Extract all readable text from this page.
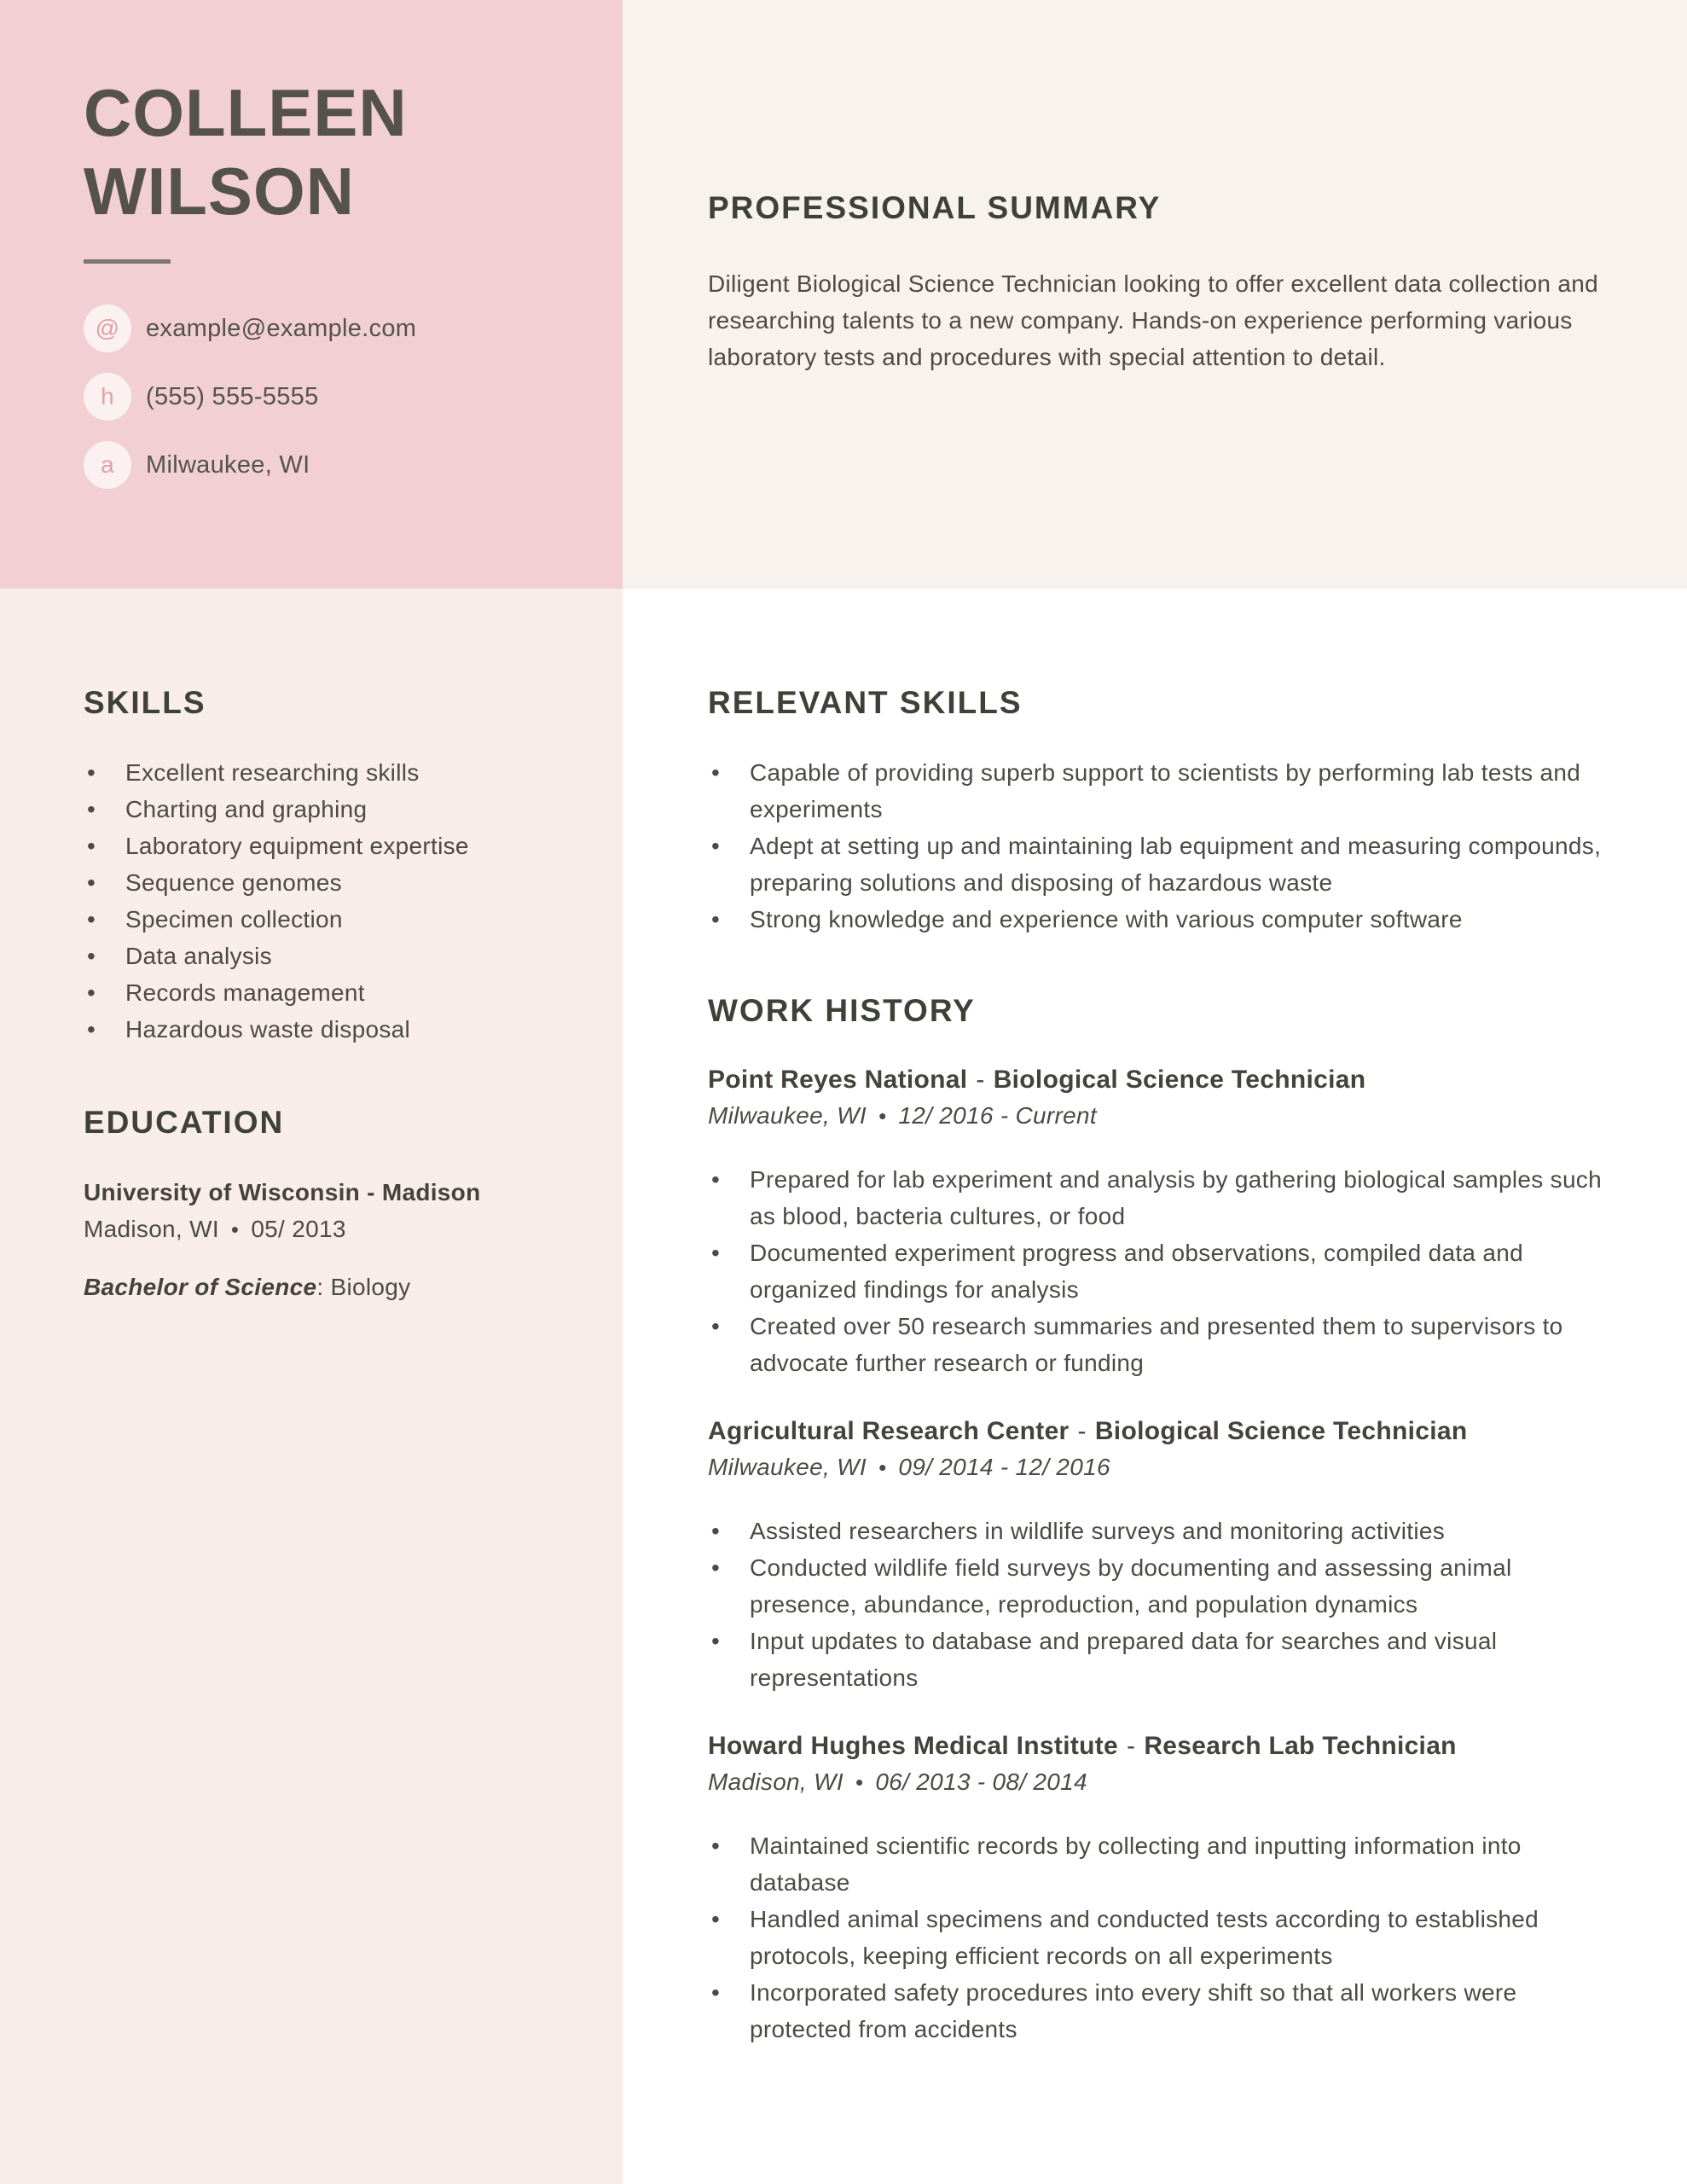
COLLEEN
WILSON
@	example@example.com
h	(555) 555-5555
a	Milwaukee, WI
PROFESSIONAL SUMMARY

Diligent Biological Science Technician looking to offer excellent data collection and researching talents to a new company. Hands-on experience performing various laboratory tests and procedures with special attention to detail.

SKILLS
• Excellent researching skills
• Charting and graphing
• Laboratory equipment expertise
• Sequence genomes
• Specimen collection
• Data analysis
• Records management
• Hazardous waste disposal
EDUCATION
University of Wisconsin - Madison
Madison, WI • 05/ 2013
Bachelor of Science: Biology
RELEVANT SKILLS
• Capable of providing superb support to scientists by performing lab tests and experiments
• Adept at setting up and maintaining lab equipment and measuring compounds, preparing solutions and disposing of hazardous waste
• Strong knowledge and experience with various computer software
WORK HISTORY
Point Reyes National - Biological Science Technician
Milwaukee, WI • 12/ 2016 - Current
• Prepared for lab experiment and analysis by gathering biological samples such as blood, bacteria cultures, or food
• Documented experiment progress and observations, compiled data and organized findings for analysis
• Created over 50 research summaries and presented them to supervisors to advocate further research or funding
Agricultural Research Center - Biological Science Technician
Milwaukee, WI • 09/ 2014 - 12/ 2016
• Assisted researchers in wildlife surveys and monitoring activities
• Conducted wildlife field surveys by documenting and assessing animal presence, abundance, reproduction, and population dynamics
• Input updates to database and prepared data for searches and visual representations
Howard Hughes Medical Institute - Research Lab Technician
Madison, WI • 06/ 2013 - 08/ 2014
• Maintained scientific records by collecting and inputting information into database
• Handled animal specimens and conducted tests according to established protocols, keeping efficient records on all experiments
• Incorporated safety procedures into every shift so that all workers were protected from accidents
